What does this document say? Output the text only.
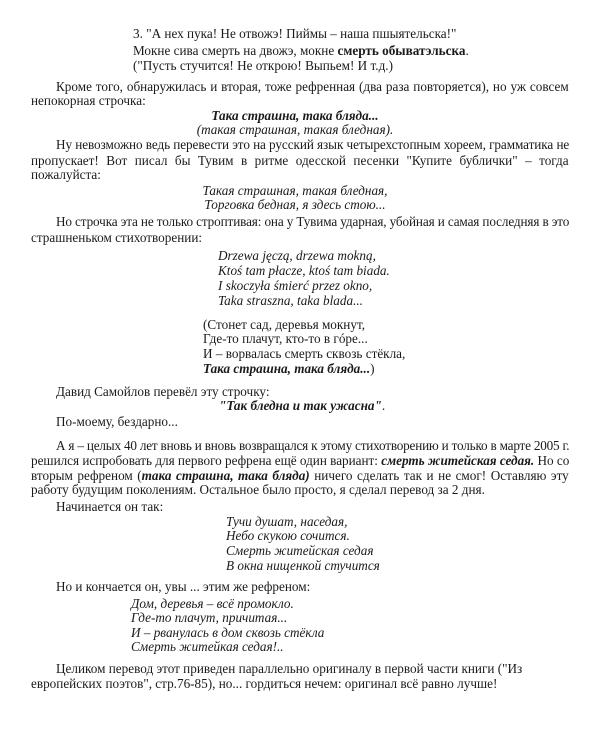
3. "А нех пука! Не отвожэ! Пиймы – наша пшыятельска!"
Мокне сива смерть на двожэ, мокне смерть обыватэльска.
("Пусть стучится! Не открою! Выпьем! И т.д.)
Кроме того, обнаружилась и вторая, тоже рефренная (два раза повторяется), но уж совсем
непокорная строчка:
Така страшна, така бляда...
(такая страшная, такая бледная).
Ну невозможно ведь перевести это на русский язык четырехстопным хореем, грамматика не
пропускает! Вот писал бы Тувим в ритме одесской песенки "Купите бублички" – тогда
пожалуйста:
Такая страшная, такая бледная,
Торговка бедная, я здесь стою...
Но строчка эта не только строптивая: она у Тувима ударная, убойная и самая последняя в это
страшненьком стихотворении:
Drzewa jęczą, drzewa mokną,
Ktoś tam płacze, ktoś tam biada.
I skoczyła śmierć przez okno,
Taka straszna, taka blada...
(Стонет сад, деревья мокнут,
Где-то плачут, кто-то в гóре...
И – ворвалась смерть сквозь стёкла,
Така страшна, така бляда...)
Давид Самойлов перевёл эту строчку:
"Так бледна и так ужасна".
По-моему, бездарно...
А я – целых 40 лет вновь и вновь возвращался к этому стихотворению и только в марте 2005 г.
решился испробовать для первого рефрена ещё один вариант: смерть житейская седая. Но со
вторым рефреном (така страшна, така бляда) ничего сделать так и не смог! Оставляю эту
работу будущим поколениям. Остальное было просто, я сделал перевод за 2 дня.
Начинается он так:
Тучи душат, наседая,
Небо скукою сочится.
Смерть житейская седая
В окна нищенкой стучится
Но и кончается он, увы ... этим же рефреном:
Дом, деревья – всё промокло.
Где-то плачут, причитая...
И – рванулась в дом сквозь стёкла
Смерть житейкая седая!..
Целиком перевод этот приведен параллельно оригиналу в первой части книги ("Из
европейских поэтов", стр.76-85), но... гордиться нечем: оригинал всё равно лучше!
